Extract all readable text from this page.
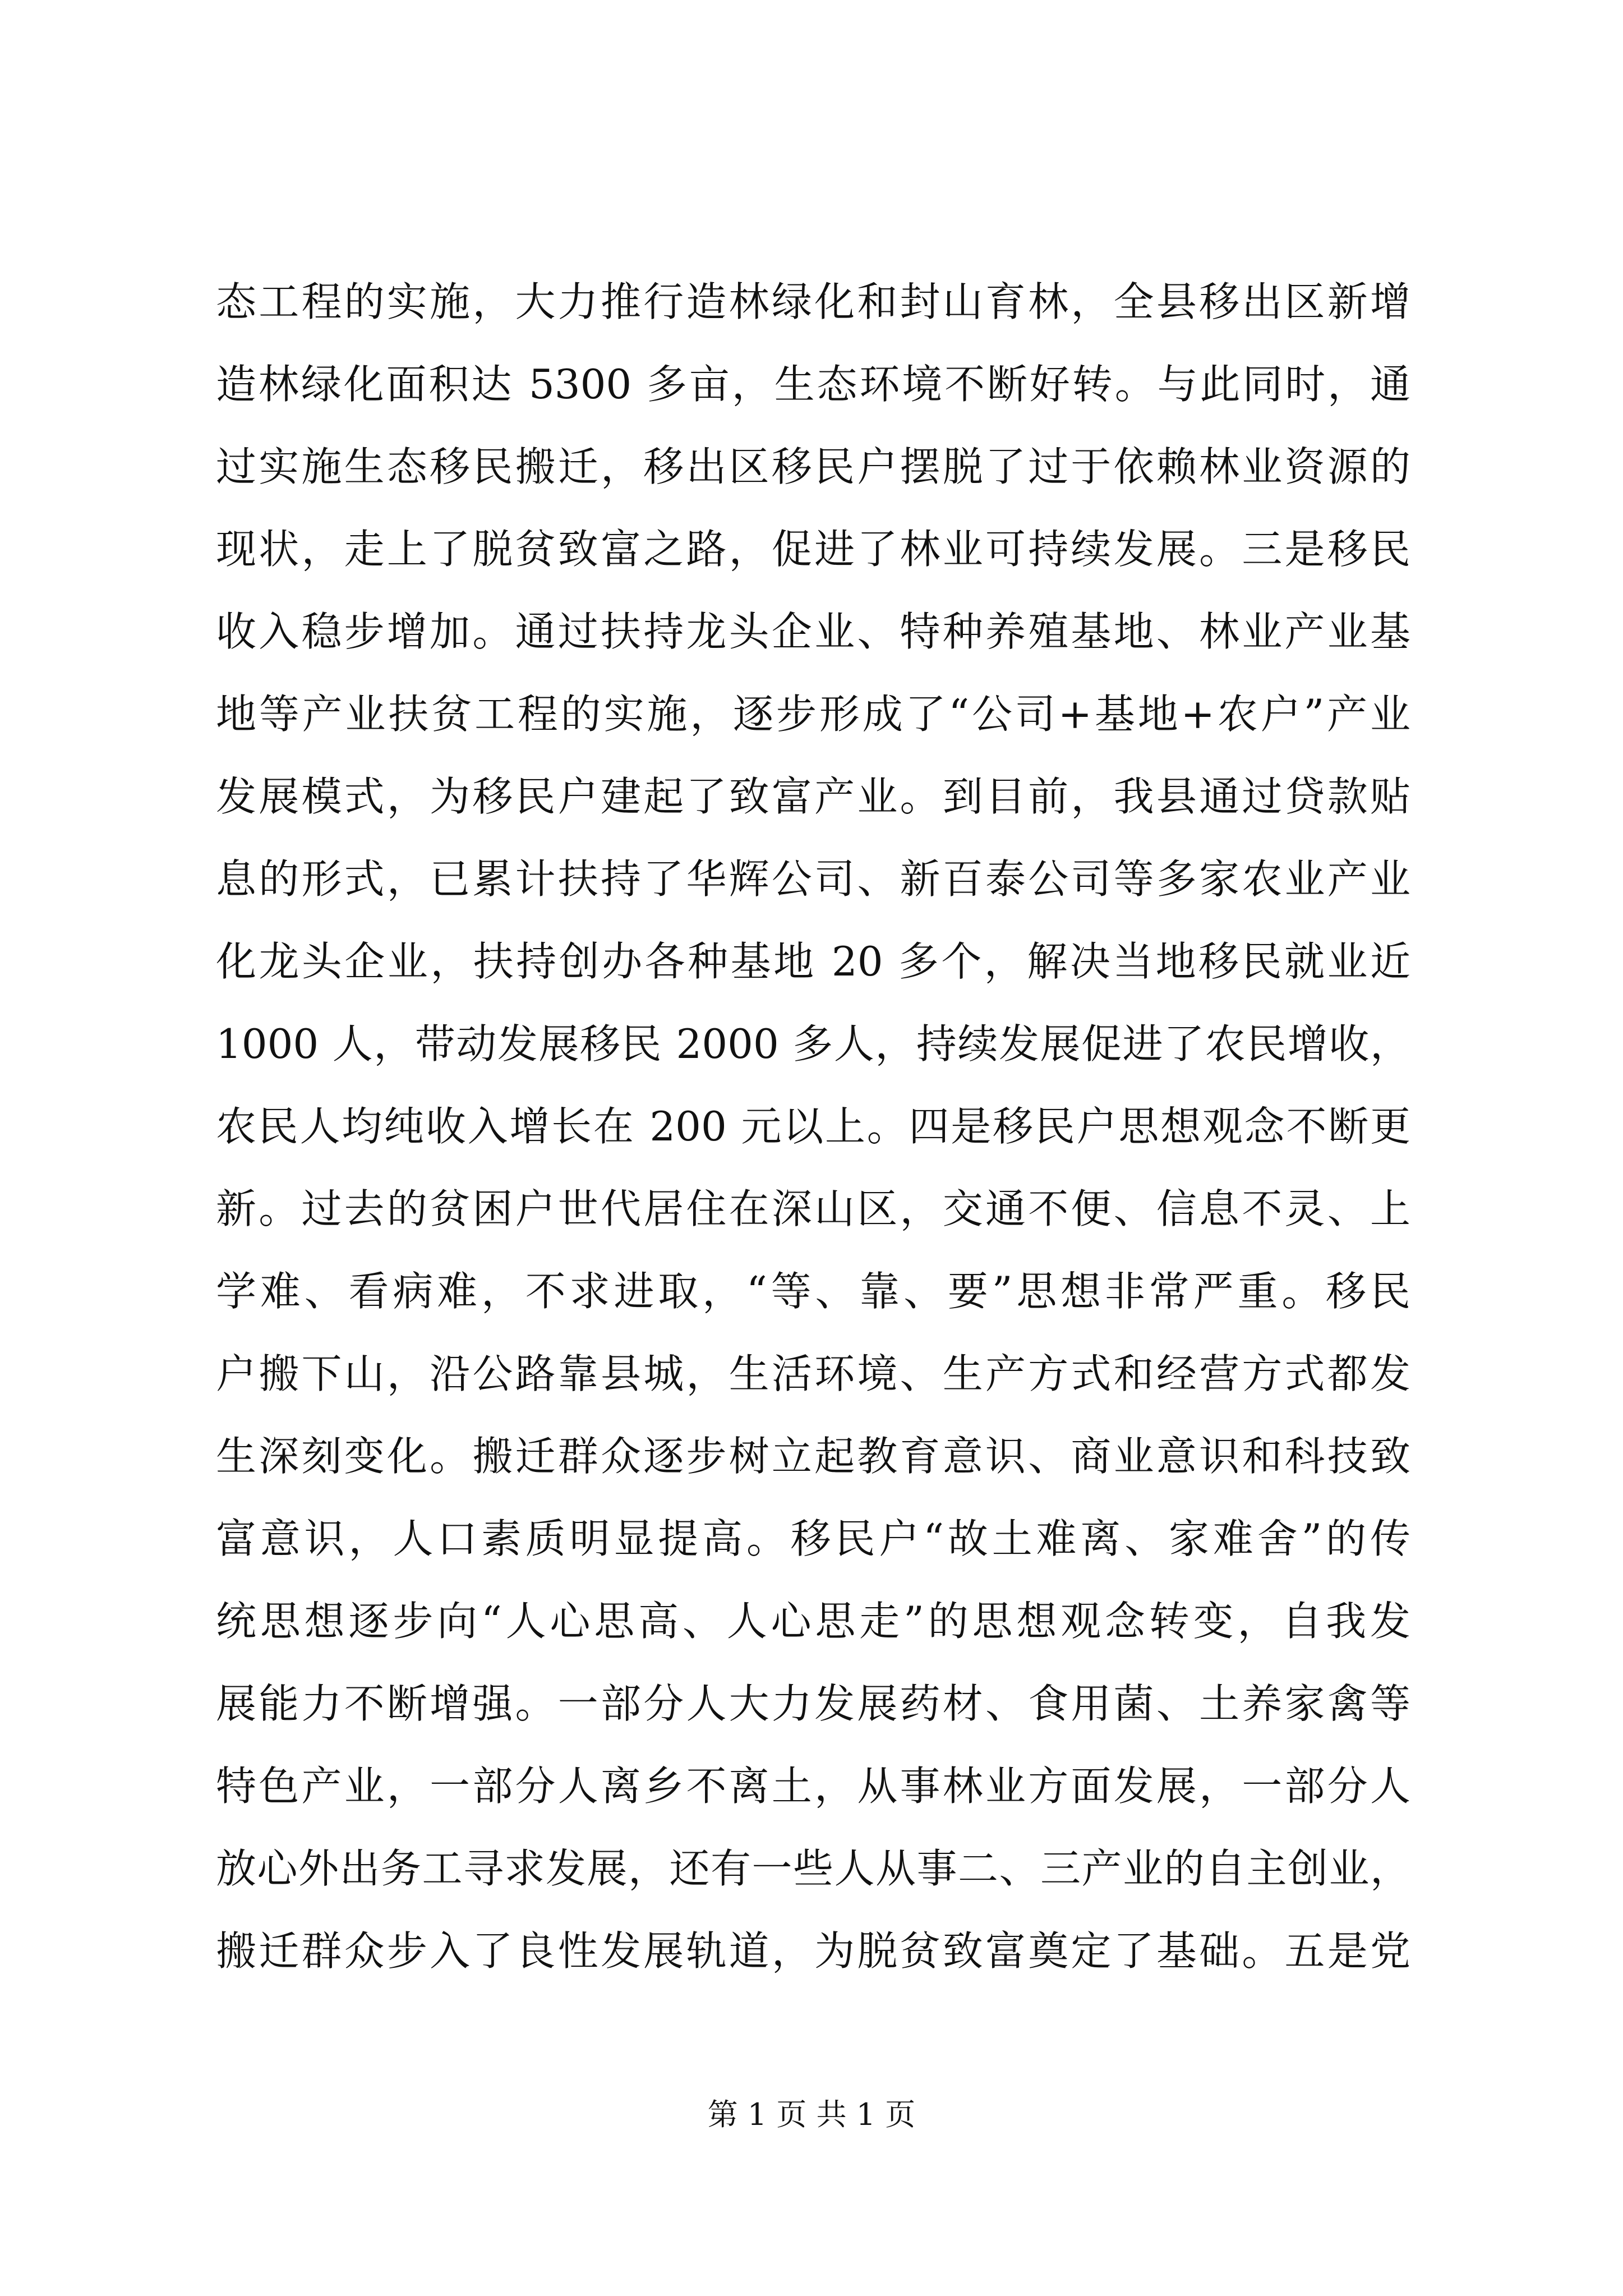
态工程的实施，大力推行造林绿化和封山育林，全县移出区新增
造林绿化面积达 5300 多亩，生态环境不断好转。与此同时，通
过实施生态移民搬迁，移出区移民户摆脱了过于依赖林业资源的
现状，走上了脱贫致富之路，促进了林业可持续发展。三是移民
收入稳步增加。通过扶持龙头企业、特种养殖基地、林业产业基
地等产业扶贫工程的实施，逐步形成了“公司+基地+农户”产业
发展模式，为移民户建起了致富产业。到目前，我县通过贷款贴
息的形式，已累计扶持了华辉公司、新百泰公司等多家农业产业
化龙头企业，扶持创办各种基地 20 多个，解决当地移民就业近
1000 人，带动发展移民 2000 多人，持续发展促进了农民增收，
农民人均纯收入增长在 200 元以上。四是移民户思想观念不断更
新。过去的贫困户世代居住在深山区，交通不便、信息不灵、上
学难、看病难，不求进取，“等、靠、要”思想非常严重。移民
户搬下山，沿公路靠县城，生活环境、生产方式和经营方式都发
生深刻变化。搬迁群众逐步树立起教育意识、商业意识和科技致
富意识，人口素质明显提高。移民户“故土难离、家难舍”的传
统思想逐步向“人心思高、人心思走”的思想观念转变，自我发
展能力不断增强。一部分人大力发展药材、食用菌、土养家禽等
特色产业，一部分人离乡不离土，从事林业方面发展，一部分人
放心外出务工寻求发展，还有一些人从事二、三产业的自主创业，
搬迁群众步入了良性发展轨道，为脱贫致富奠定了基础。五是党
第 1 页 共 1 页
